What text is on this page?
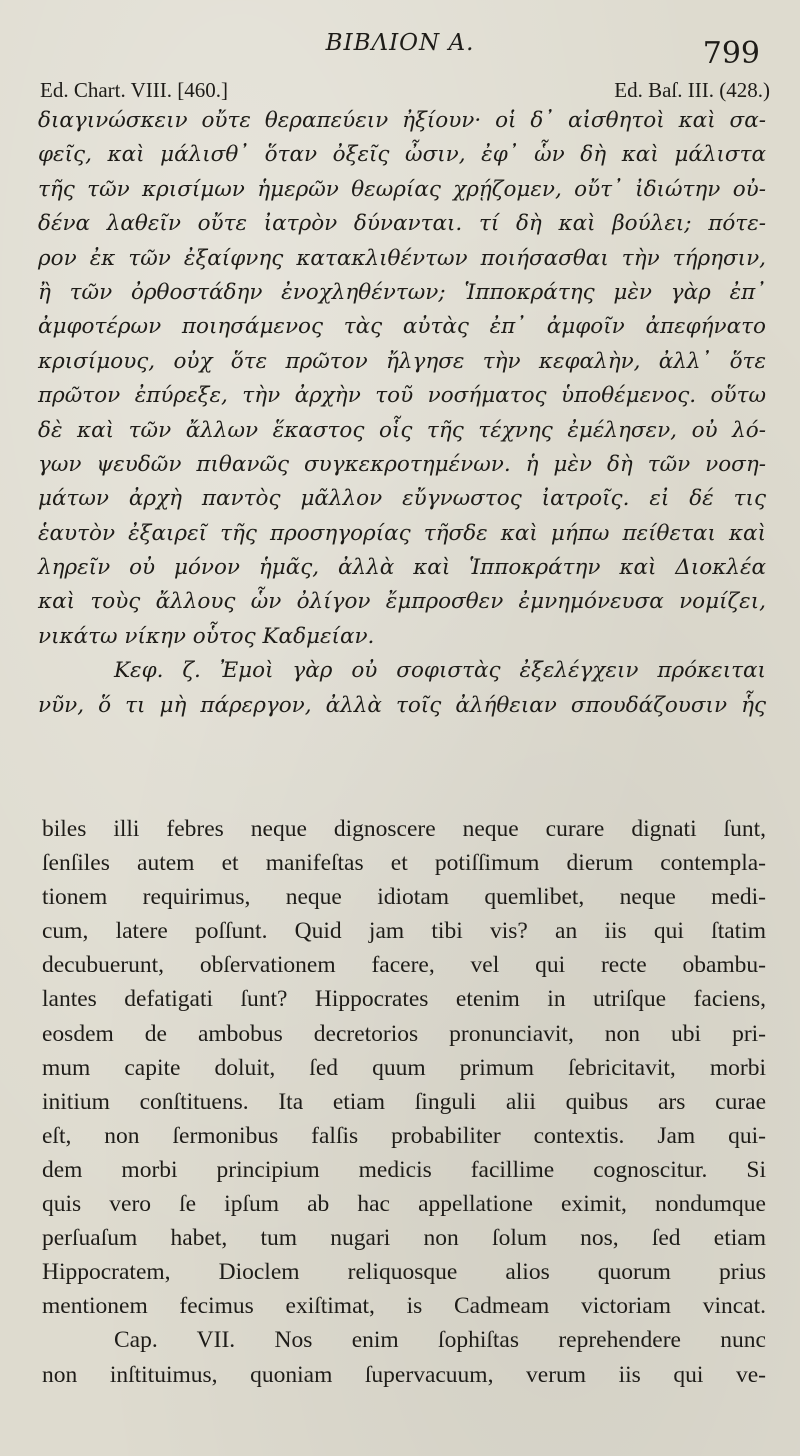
ΒΙΒΛΙΟΝ Α.	799
Ed. Chart. VIII. [460.]	Ed. Baſ. III. (428.)
διαγινώσκειν οὔτε θεραπεύειν ἠξίουν· οἱ δ᾽ αἰσθητοὶ καὶ σα-
φεῖς, καὶ μάλισθ᾽ ὅταν ὀξεῖς ὦσιν, ἐφ᾽ ὧν δὴ καὶ μάλιστα
τῆς τῶν κρισίμων ἡμερῶν θεωρίας χρῄζομεν, οὔτ᾽ ἰδιώτην οὐ-
δένα λαθεῖν οὔτε ἰατρὸν δύνανται. τί δὴ καὶ βούλει; πότε-
ρον ἐκ τῶν ἐξαίφνης κατακλιθέντων ποιήσασθαι τὴν τήρησιν,
ἢ τῶν ὀρθοστάδην ἐνοχληθέντων; Ἱπποκράτης μὲν γὰρ ἐπ᾽
ἀμφοτέρων ποιησάμενος τὰς αὐτὰς ἐπ᾽ ἀμφοῖν ἀπεφήνατο
κρισίμους, οὐχ ὅτε πρῶτον ἤλγησε τὴν κεφαλὴν, ἀλλ᾽ ὅτε
πρῶτον ἐπύρεξε, τὴν ἀρχὴν τοῦ νοσήματος ὑποθέμενος. οὕτω
δὲ καὶ τῶν ἄλλων ἕκαστος οἷς τῆς τέχνης ἐμέλησεν, οὐ λό-
γων ψευδῶν πιθανῶς συγκεκροτημένων. ἡ μὲν δὴ τῶν νοση-
μάτων ἀρχὴ παντὸς μᾶλλον εὔγνωστος ἰατροῖς. εἰ δέ τις
ἑαυτὸν ἐξαιρεῖ τῆς προσηγορίας τῆσδε καὶ μήπω πείθεται καὶ
ληρεῖν οὐ μόνον ἡμᾶς, ἀλλὰ καὶ Ἱπποκράτην καὶ Διοκλέα
καὶ τοὺς ἄλλους ὧν ὀλίγον ἔμπροσθεν ἐμνημόνευσα νομίζει,
νικάτω νίκην οὗτος Καδμείαν.
Κεφ. ζ. Ἐμοὶ γὰρ οὐ σοφιστὰς ἐξελέγχειν πρόκειται
νῦν, ὅ τι μὴ πάρεργον, ἀλλὰ τοῖς ἀλήθειαν σπουδάζουσιν ἧς
biles illi febres neque dignoscere neque curare dignati ſunt,
ſenſiles autem et manifeſtas et potiſſimum dierum contempla-
tionem requirimus, neque idiotam quemlibet, neque medi-
cum, latere poſſunt. Quid jam tibi vis? an iis qui ſtatim
decubuerunt, obſervationem facere, vel qui recte obambu-
lantes defatigati ſunt? Hippocrates etenim in utriſque faciens,
eosdem de ambobus decretorios pronunciavit, non ubi pri-
mum capite doluit, ſed quum primum ſebricitavit, morbi
initium conſtituens. Ita etiam ſinguli alii quibus ars curae
eſt, non ſermonibus falſis probabiliter contextis. Jam qui-
dem morbi principium medicis facillime cognoscitur. Si
quis vero ſe ipſum ab hac appellatione eximit, nondumque
perſuaſum habet, tum nugari non ſolum nos, ſed etiam
Hippocratem, Dioclem reliquosque alios quorum prius
mentionem fecimus exiſtimat, is Cadmeam victoriam vincat.
Cap. VII. Nos enim ſophiſtas reprehendere nunc
non inſtituimus, quoniam ſupervacuum, verum iis qui ve-
